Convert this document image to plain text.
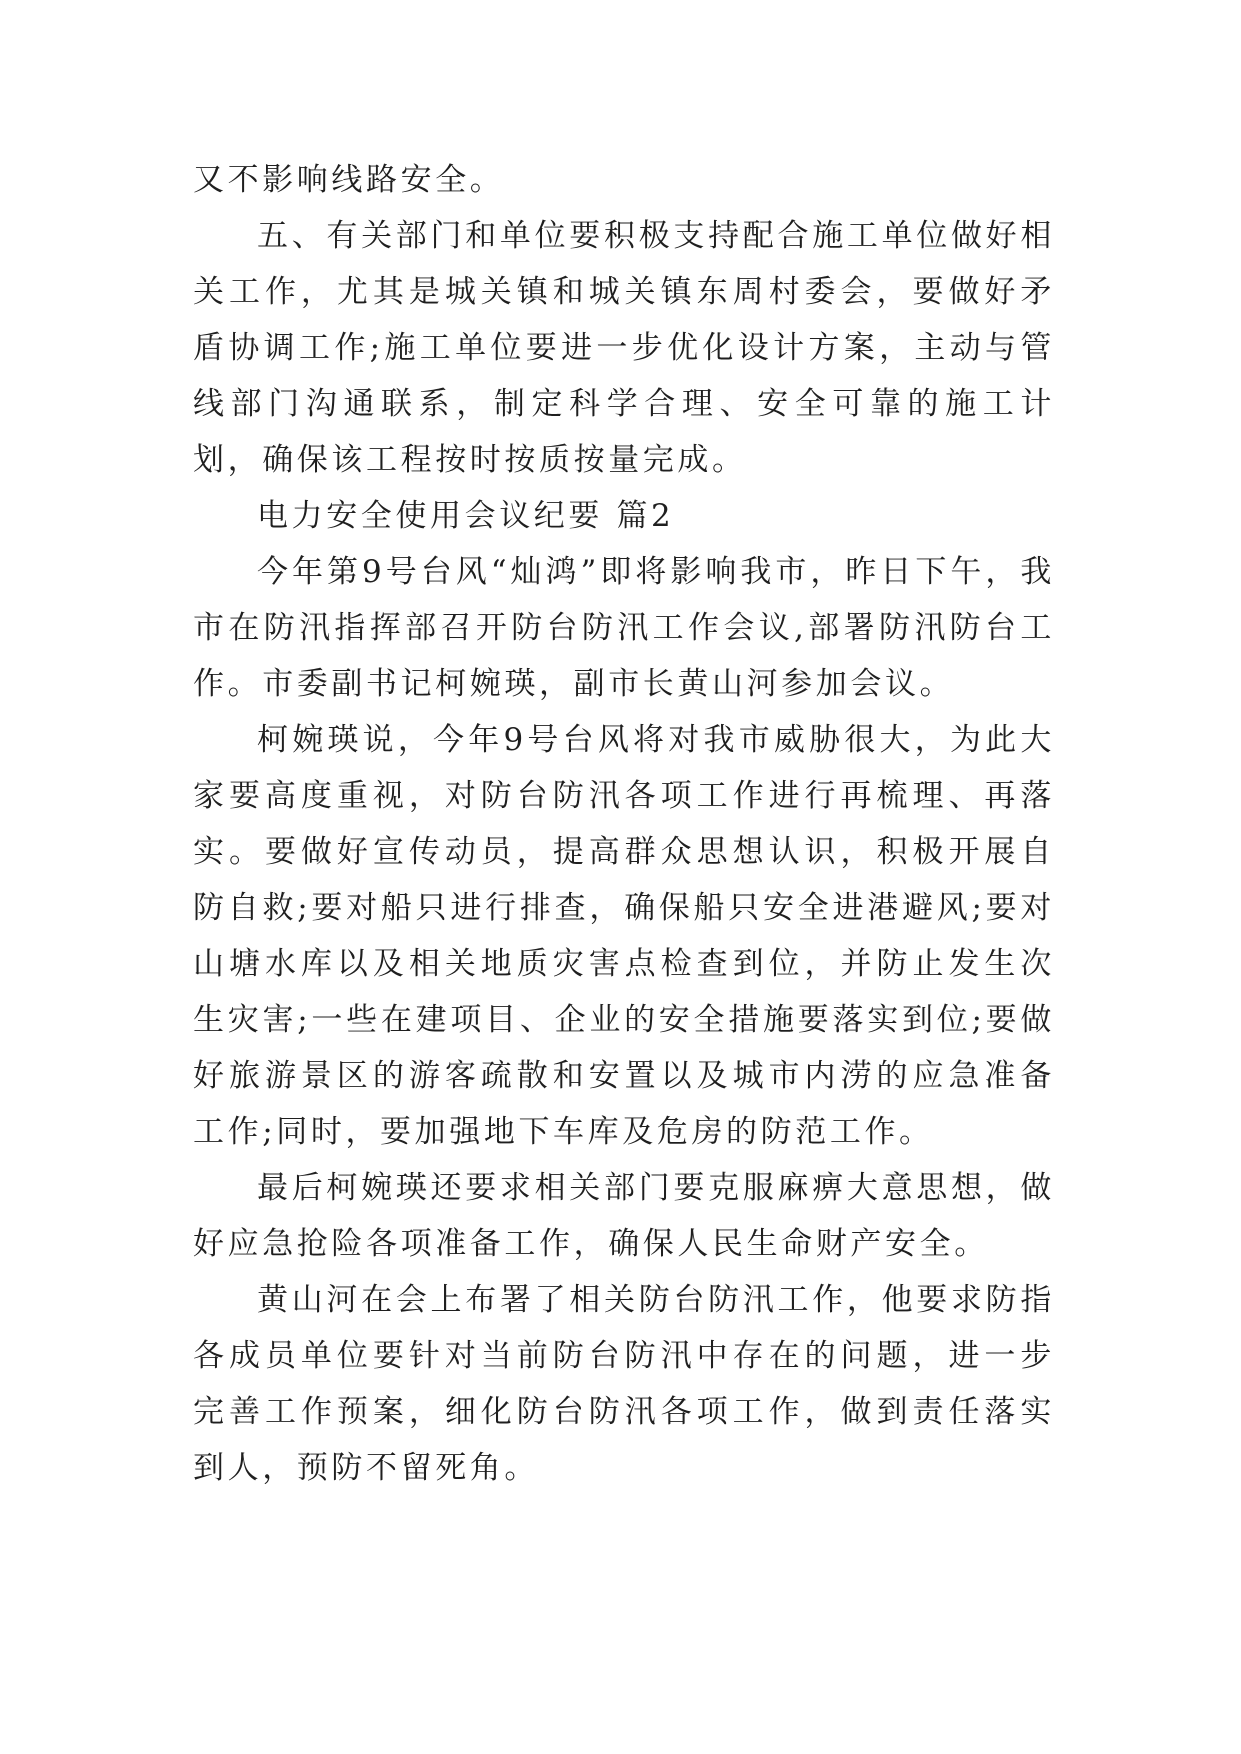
又不影响线路安全。

五、有关部门和单位要积极支持配合施工单位做好相关工作，尤其是城关镇和城关镇东周村委会，要做好矛盾协调工作;施工单位要进一步优化设计方案，主动与管线部门沟通联系，制定科学合理、安全可靠的施工计划，确保该工程按时按质按量完成。

电力安全使用会议纪要 篇2

今年第9号台风“灿鸿”即将影响我市，昨日下午，我市在防汛指挥部召开防台防汛工作会议,部署防汛防台工作。市委副书记柯婉瑛，副市长黄山河参加会议。

柯婉瑛说，今年9号台风将对我市威胁很大，为此大家要高度重视，对防台防汛各项工作进行再梳理、再落实。要做好宣传动员，提高群众思想认识，积极开展自防自救;要对船只进行排查，确保船只安全进港避风;要对山塘水库以及相关地质灾害点检查到位，并防止发生次生灾害;一些在建项目、企业的安全措施要落实到位;要做好旅游景区的游客疏散和安置以及城市内涝的应急准备工作;同时，要加强地下车库及危房的防范工作。

最后柯婉瑛还要求相关部门要克服麻痹大意思想，做好应急抢险各项准备工作，确保人民生命财产安全。

黄山河在会上布署了相关防台防汛工作，他要求防指各成员单位要针对当前防台防汛中存在的问题，进一步完善工作预案，细化防台防汛各项工作，做到责任落实到人，预防不留死角。
